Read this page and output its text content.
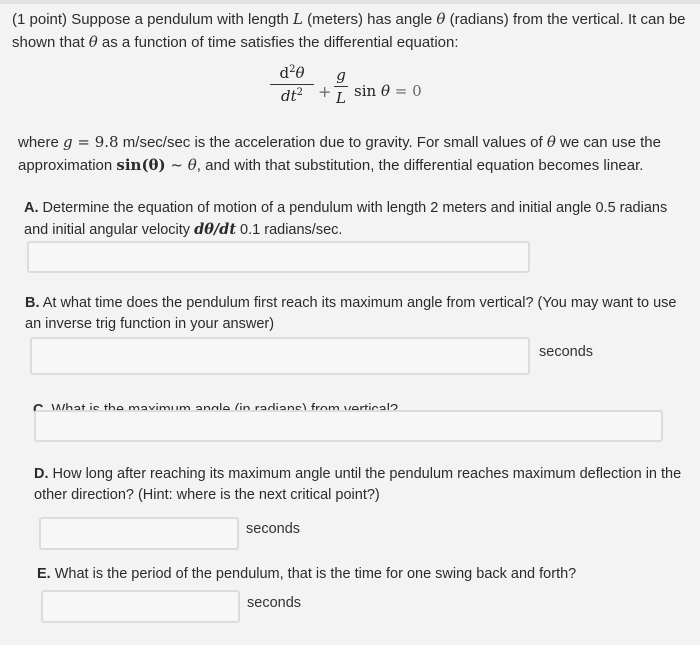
(1 point) Suppose a pendulum with length L (meters) has angle θ (radians) from the vertical. It can be shown that θ as a function of time satisfies the differential equation:
$d^2\theta$
$dt^2$ +
g
L sin θ = 0
where g = 9.8 m/sec/sec is the acceleration due to gravity. For small values of θ we can use the approximation sin(θ) ~ θ, and with that substitution, the differential equation becomes linear.
A. Determine the equation of motion of a pendulum with length 2 meters and initial angle 0.5 radians and initial angular velocity dθ/dt 0.1 radians/sec.
B. At what time does the pendulum first reach its maximum angle from vertical? (You may want to use an inverse trig function in your answer)
seconds
D. How long after reaching its maximum angle until the pendulum reaches maximum deflection in the other direction? (Hint: where is the next critical point?)
seconds
E. What is the period of the pendulum, that is the time for one swing back and forth?
seconds
